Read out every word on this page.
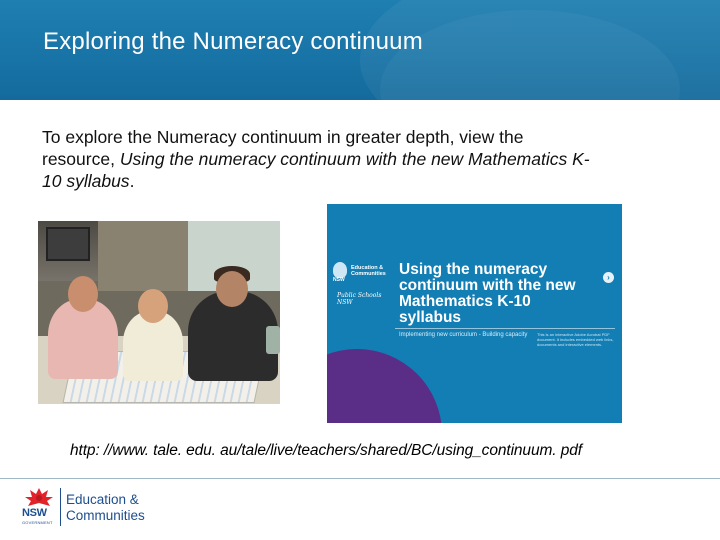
Exploring the Numeracy continuum
To explore the Numeracy continuum in greater depth, view the
resource, Using the numeracy continuum with the new Mathematics K-
10 syllabus.
NSW
Education &
Communities
Public Schools NSW
Using the numeracy continuum with the new Mathematics K-10 syllabus
›
Implementing new curriculum - Building capacity	This is an interactive Adobe Acrobat PDF document. It includes embedded web links, documents and interactive elements.
http: //www. tale. edu. au/tale/live/teachers/shared/BC/using_continuum. pdf
NSW
GOVERNMENT
Education &
Communities
